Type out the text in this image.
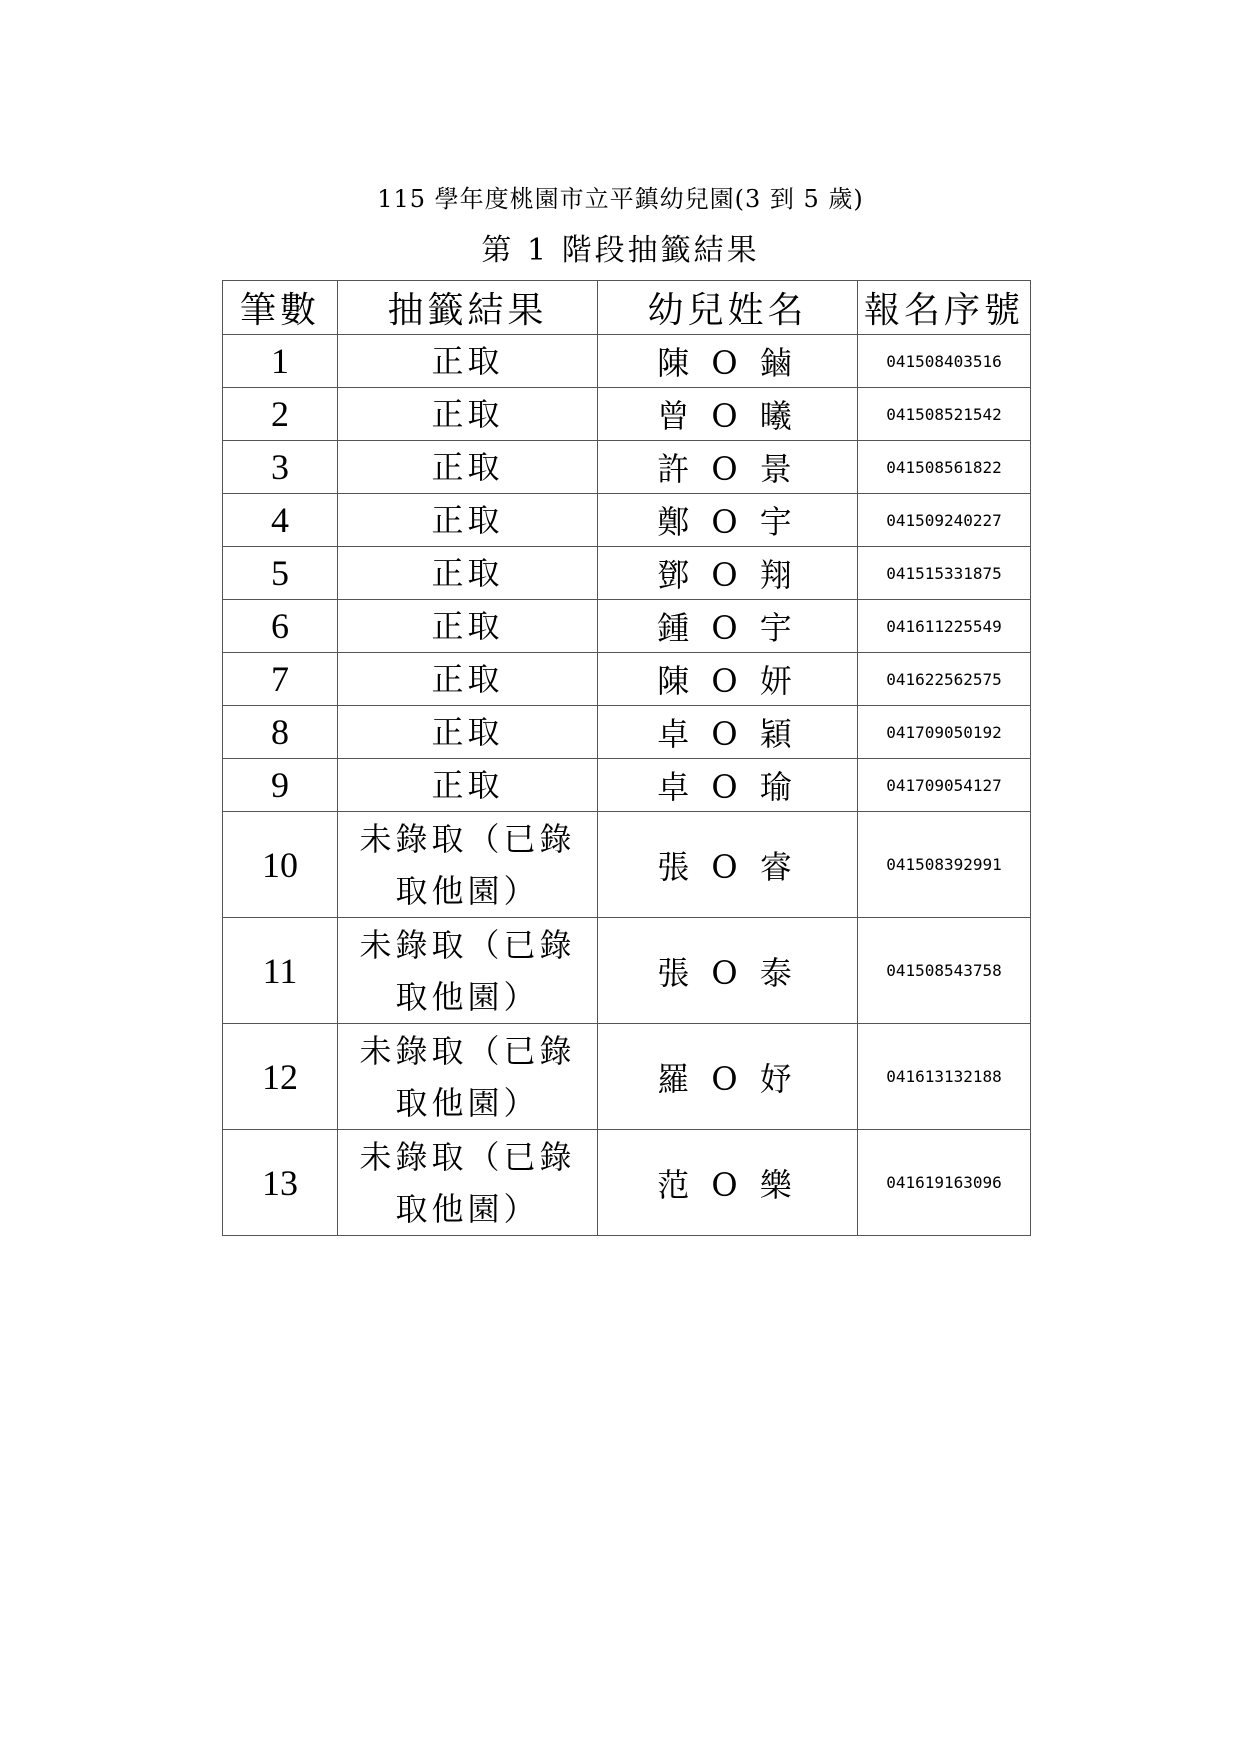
115 學年度桃園市立平鎮幼兒園(3 到 5 歲)
第 1 階段抽籤結果
筆數	抽籤結果	幼兒姓名	報名序號
1	正取	陳 O 鏀	041508403516
2	正取	曾 O 曦	041508521542
3	正取	許 O 景	041508561822
4	正取	鄭 O 宇	041509240227
5	正取	鄧 O 翔	041515331875
6	正取	鍾 O 宇	041611225549
7	正取	陳 O 妍	041622562575
8	正取	卓 O 穎	041709050192
9	正取	卓 O 瑜	041709054127
10	未錄取（已錄取他園）	張 O 睿	041508392991
11	未錄取（已錄取他園）	張 O 泰	041508543758
12	未錄取（已錄取他園）	羅 O 妤	041613132188
13	未錄取（已錄取他園）	范 O 樂	041619163096
